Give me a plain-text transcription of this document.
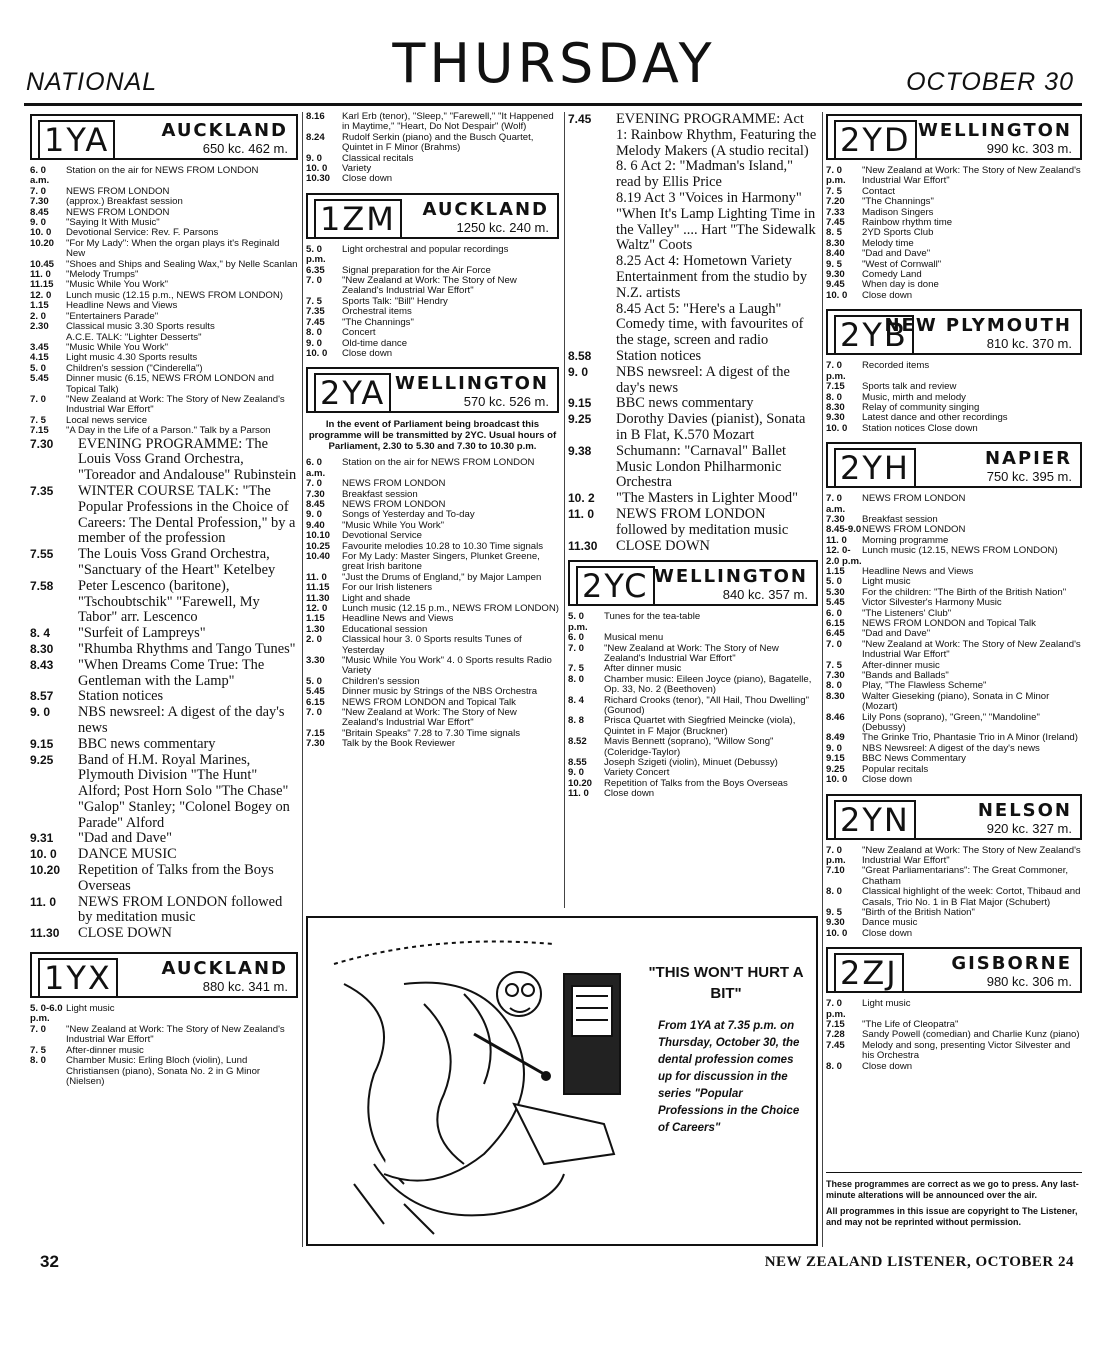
NATIONAL	THURSDAY	OCTOBER 30
1YA	AUCKLAND
650 kc. 462 m.
6. 0 a.m.
Station on the air for NEWS FROM LONDON
7. 0	NEWS FROM LONDON
7.30	(approx.) Breakfast session
8.45	NEWS FROM LONDON
9. 0	"Saying It With Music"
10. 0	Devotional Service: Rev. F. Parsons
10.20	"For My Lady": When the organ plays it's Reginald New
10.45	"Shoes and Ships and Sealing Wax," by Nelle Scanlan
11. 0	"Melody Trumps"
11.15	"Music While You Work"
12. 0	Lunch music (12.15 p.m., NEWS FROM LONDON)
1.15	Headline News and Views
2. 0	"Entertainers Parade"
2.30	Classical music 3.30 Sports results
A.C.E. TALK: "Lighter Desserts"
3.45	"Music While You Work"
4.15	Light music 4.30 Sports results
5. 0	Children's session ("Cinderella")
5.45	Dinner music (6.15, NEWS FROM LONDON and Topical Talk)
7. 0	"New Zealand at Work: The Story of New Zealand's Industrial War Effort"
7. 5	Local news service
7.15	"A Day in the Life of a Parson." Talk by a Parson
7.30	EVENING PROGRAMME: The Louis Voss Grand Orchestra, "Toreador and Andalouse" Rubinstein
7.35	WINTER COURSE TALK: "The Popular Professions in the Choice of Careers: The Dental Profession," by a member of the profession
7.55	The Louis Voss Grand Orchestra, "Sanctuary of the Heart" Ketelbey
7.58	Peter Lescenco (baritone), "Tschoubtschik" "Farewell, My Tabor" arr. Lescenco
8. 4	"Surfeit of Lampreys"
8.30	"Rhumba Rhythms and Tango Tunes"
8.43	"When Dreams Come True: The Gentleman with the Lamp"
8.57	Station notices
9. 0	NBS newsreel: A digest of the day's news
9.15	BBC news commentary
9.25	Band of H.M. Royal Marines, Plymouth Division "The Hunt" Alford; Post Horn Solo "The Chase" "Galop" Stanley; "Colonel Bogey on Parade" Alford
9.31	"Dad and Dave"
10. 0	DANCE MUSIC
10.20	Repetition of Talks from the Boys Overseas
11. 0	NEWS FROM LONDON followed by meditation music
11.30	CLOSE DOWN
1YX	AUCKLAND
880 kc. 341 m.
5. 0-6.0 p.m.
Light music
7. 0	"New Zealand at Work: The Story of New Zealand's Industrial War Effort"
7. 5	After-dinner music
8. 0	Chamber Music: Erling Bloch (violin), Lund Christiansen (piano), Sonata No. 2 in G Minor (Nielsen)
8.16	Karl Erb (tenor), "Sleep," "Farewell," "It Happened in Maytime," "Heart, Do Not Despair" (Wolf)
8.24	Rudolf Serkin (piano) and the Busch Quartet, Quintet in F Minor (Brahms)
9. 0	Classical recitals
10. 0	Variety
10.30	Close down
1ZM	AUCKLAND
1250 kc. 240 m.
5. 0 p.m.
Light orchestral and popular recordings
6.35	Signal preparation for the Air Force
7. 0	"New Zealand at Work: The Story of New Zealand's Industrial War Effort"
7. 5	Sports Talk: "Bill" Hendry
7.35	Orchestral items
7.45	"The Channings"
8. 0	Concert
9. 0	Old-time dance
10. 0	Close down
2YA WELLINGTON
570 kc. 526 m.
In the event of Parliament being broadcast this programme will be transmitted by 2YC. Usual hours of Parliament, 2.30 to 5.30 and 7.30 to 10.30 p.m.
6. 0 a.m.
Station on the air for NEWS FROM LONDON
7. 0	NEWS FROM LONDON
7.30	Breakfast session
8.45	NEWS FROM LONDON
9. 0	Songs of Yesterday and To-day
9.40	"Music While You Work"
10.10	Devotional Service
10.25	Favourite melodies 10.28 to 10.30 Time signals
10.40	For My Lady: Master Singers, Plunket Greene, great Irish baritone
11. 0	"Just the Drums of England," by Major Lampen
11.15	For our Irish listeners
11.30	Light and shade
12. 0	Lunch music (12.15 p.m., NEWS FROM LONDON)
1.15	Headline News and Views
1.30	Educational session
2. 0	Classical hour 3. 0 Sports results Tunes of Yesterday
3.30	"Music While You Work" 4. 0 Sports results Radio Variety
5. 0	Children's session
5.45	Dinner music by Strings of the NBS Orchestra
6.15	NEWS FROM LONDON and Topical Talk
7. 0	"New Zealand at Work: The Story of New Zealand's Industrial War Effort"
7.15	"Britain Speaks" 7.28 to 7.30 Time signals
7.30	Talk by the Book Reviewer
7.45	EVENING PROGRAMME: Act 1: Rainbow Rhythm, Featuring the Melody Makers (A studio recital)
8. 6 Act 2: "Madman's Island," read by Ellis Price
8.19 Act 3 "Voices in Harmony" "When It's Lamp Lighting Time in the Valley" .... Hart "The Sidewalk Waltz" Coots
8.25 Act 4: Hometown Variety Entertainment from the studio by N.Z. artists
8.45 Act 5: "Here's a Laugh" Comedy time, with favourites of the stage, screen and radio
8.58	Station notices
9. 0	NBS newsreel: A digest of the day's news
9.15	BBC news commentary
9.25	Dorothy Davies (pianist), Sonata in B Flat, K.570 Mozart
9.38	Schumann: "Carnaval" Ballet Music London Philharmonic Orchestra
10. 2	"The Masters in Lighter Mood"
11. 0	NEWS FROM LONDON followed by meditation music
11.30	CLOSE DOWN
2YC WELLINGTON
840 kc. 357 m.
5. 0 p.m.
Tunes for the tea-table
6. 0	Musical menu
7. 0	"New Zealand at Work: The Story of New Zealand's Industrial War Effort"
7. 5	After dinner music
8. 0	Chamber music: Eileen Joyce (piano), Bagatelle, Op. 33, No. 2 (Beethoven)
8. 4	Richard Crooks (tenor), "All Hail, Thou Dwelling" (Gounod)
8. 8	Prisca Quartet with Siegfried Meincke (viola), Quintet in F Major (Bruckner)
8.52	Mavis Bennett (soprano), "Willow Song" (Coleridge-Taylor)
8.55	Joseph Szigeti (violin), Minuet (Debussy)
9. 0	Variety Concert
10.20	Repetition of Talks from the Boys Overseas
11. 0	Close down
2YD WELLINGTON
990 kc. 303 m.
7. 0 p.m.
"New Zealand at Work: The Story of New Zealand's Industrial War Effort"
7. 5	Contact
7.20	"The Channings"
7.33	Madison Singers
7.45	Rainbow rhythm time
8. 5	2YD Sports Club
8.30	Melody time
8.40	"Dad and Dave"
9. 5	"West of Cornwall"
9.30	Comedy Land
9.45	When day is done
10. 0	Close down
2YB
NEW PLYMOUTH
810 kc. 370 m.
7. 0 p.m.
Recorded items
7.15	Sports talk and review
8. 0	Music, mirth and melody
8.30	Relay of community singing
9.30	Latest dance and other recordings
10. 0	Station notices Close down
2YH	NAPIER
750 kc. 395 m.
7. 0 a.m.
NEWS FROM LONDON
7.30	Breakfast session
8.45-9.0 NEWS FROM LONDON
11. 0	Morning programme
12. 0-2.0 p.m.
Lunch music (12.15, NEWS FROM LONDON)
1.15	Headline News and Views
5. 0	Light music
5.30	For the children: "The Birth of the British Nation"
5.45	Victor Silvester's Harmony Music
6. 0	"The Listeners' Club"
6.15	NEWS FROM LONDON and Topical Talk
6.45	"Dad and Dave"
7. 0	"New Zealand at Work: The Story of New Zealand's Industrial War Effort"
7. 5	After-dinner music
7.30	"Bands and Ballads"
8. 0	Play, "The Flawless Scheme"
8.30	Walter Gieseking (piano), Sonata in C Minor (Mozart)
8.46	Lily Pons (soprano), "Green," "Mandoline" (Debussy)
8.49	The Grinke Trio, Phantasie Trio in A Minor (Ireland)
9. 0	NBS Newsreel: A digest of the day's news
9.15	BBC News Commentary
9.25	Popular recitals
10. 0	Close down
2YN	NELSON
920 kc. 327 m.
7. 0 p.m.
"New Zealand at Work: The Story of New Zealand's Industrial War Effort"
7.10	"Great Parliamentarians": The Great Commoner, Chatham
8. 0	Classical highlight of the week: Cortot, Thibaud and Casals, Trio No. 1 in B Flat Major (Schubert)
9. 5	"Birth of the British Nation"
9.30	Dance music
10. 0	Close down
2ZJ	GISBORNE
980 kc. 306 m.
7. 0 p.m.
Light music
7.15	"The Life of Cleopatra"
7.28	Sandy Powell (comedian) and Charlie Kunz (piano)
7.45	Melody and song, presenting Victor Silvester and his Orchestra
8. 0	Close down

These programmes are correct as we go to press. Any last-minute alterations will be announced over the air.

All programmes in this issue are copyright to The Listener, and may not be reprinted without permission.

"THIS WON'T HURT A BIT"
From 1YA at 7.35 p.m. on Thursday, October 30, the dental profession comes up for discussion in the series "Popular Professions in the Choice of Careers"
32	NEW ZEALAND LISTENER, OCTOBER 24
